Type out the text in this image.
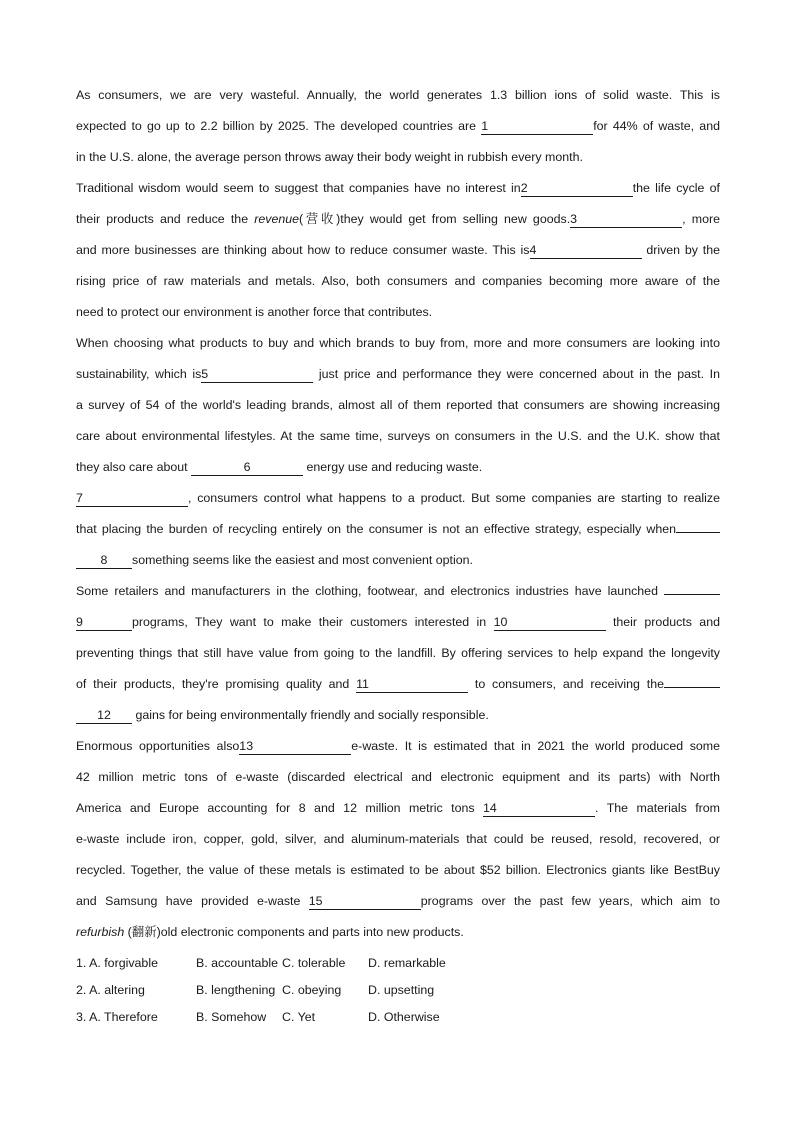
As consumers, we are very wasteful. Annually, the world generates 1.3 billion ions of solid waste. This is
expected to go up to 2.2 billion by 2025. The developed countries are 1	for 44% of waste, and
in the U.S. alone, the average person throws away their body weight in rubbish every month.
Traditional wisdom would seem to suggest that companies have no interest in2	the life cycle of
their products and reduce the revenue(营收)they would get from selling new goods.3	, more
and more businesses are thinking about how to reduce consumer waste. This is4	driven by the
rising price of raw materials and metals. Also, both consumers and companies becoming more aware of the
need to protect our environment is another force that contributes.
When choosing what products to buy and which brands to buy from, more and more consumers are looking into
sustainability, which is5	just price and performance they were concerned about in the past. In
a survey of 54 of the world's leading brands, almost all of them reported that consumers are showing increasing
care about environmental lifestyles. At the same time, surveys on consumers in the U.S. and the U.K. show that
they also care about	6	energy use and reducing waste.
7	, consumers control what happens to a product. But some companies are starting to realize
that placing the burden of recycling entirely on the consumer is not an effective strategy, especially when
8 something seems like the easiest and most convenient option.
Some retailers and manufacturers in the clothing, footwear, and electronics industries have launched
9	programs, They want to make their customers interested in 10	their products and
preventing things that still have value from going to the landfill. By offering services to help expand the longevity
of their products, they're promising quality and 11	to consumers, and receiving the
12 gains for being environmentally friendly and socially responsible.
Enormous opportunities also13	e-waste. It is estimated that in 2021 the world produced some
42 million metric tons of e-waste (discarded electrical and electronic equipment and its parts) with North
America and Europe accounting for 8 and 12 million metric tons 14	. The materials from
e-waste include iron, copper, gold, silver, and aluminum-materials that could be reused, resold, recovered, or
recycled. Together, the value of these metals is estimated to be about $52 billion. Electronics giants like BestBuy
and Samsung have provided e-waste 15	programs over the past few years, which aim to
refurbish (翻新)old electronic components and parts into new products.
1. A. forgivable	B. accountable C. tolerable	D. remarkable
2. A. altering	B. lengthening C. obeying	D. upsetting
3. A. Therefore	B. Somehow	C. Yet	D. Otherwise
